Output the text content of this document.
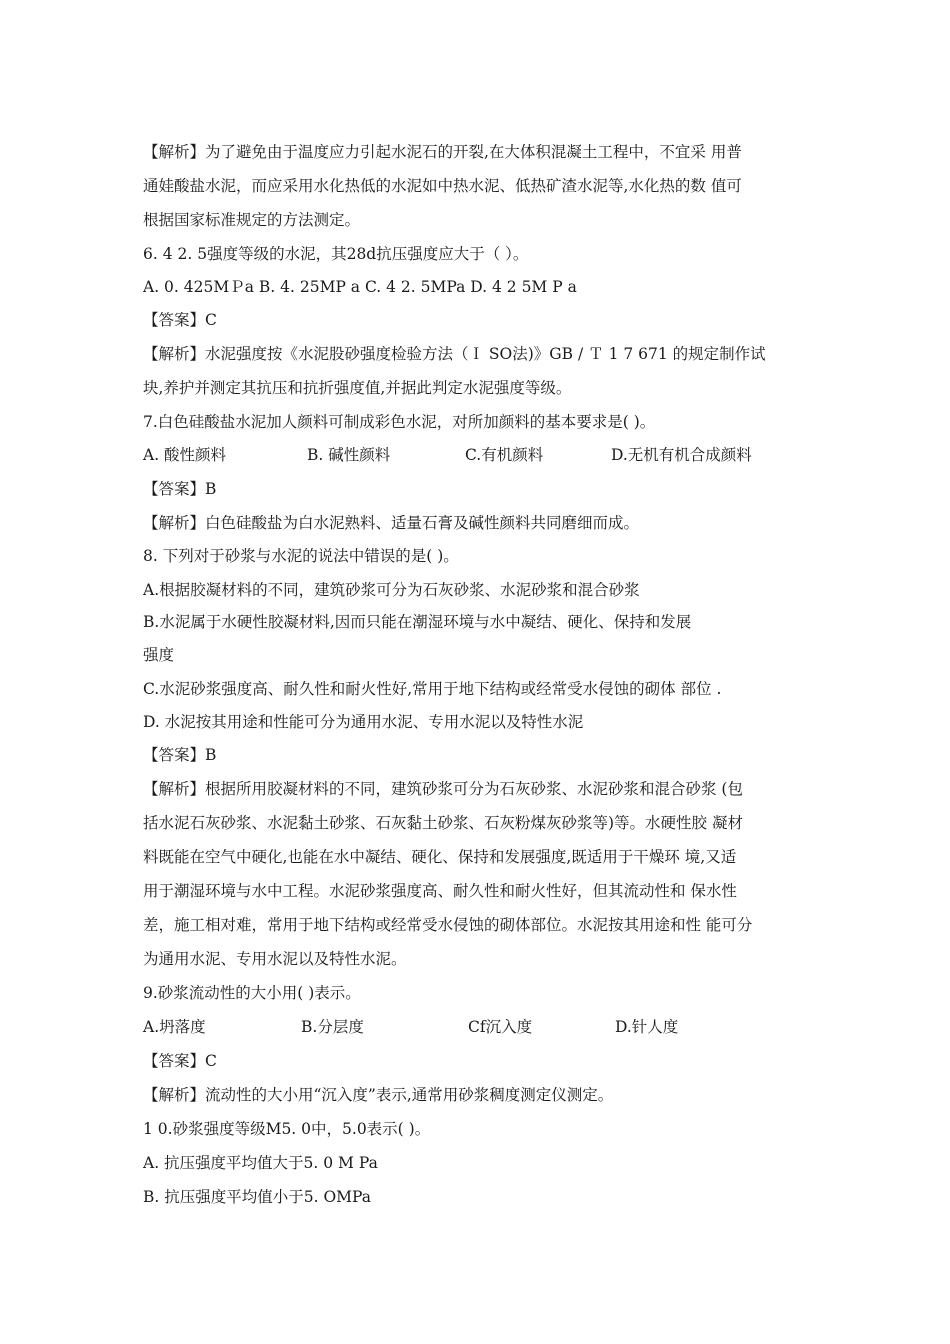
【解析】为了避免由于温度应力引起水泥石的开裂,在大体积混凝土工程中，不宜采 用普
通娃酸盐水泥，而应采用水化热低的水泥如中热水泥、低热矿渣水泥等,水化热的数 值可
根据国家标准规定的方法测定。
6. 4 2. 5强度等级的水泥，其28d抗压强度应大于（ ）。
A. 0. 425MＰa B. 4. 25MP a C. 4 2. 5MPa D. 4 2 5M P a
【答案】C
【解析】水泥强度按《水泥股砂强度检验方法（Ｉ SO法)》GB / Ｔ 1 7 671 的规定制作试
块,养护并测定其抗压和抗折强度值,并据此判定水泥强度等级。
7.白色硅酸盐水泥加人颜料可制成彩色水泥，对所加颜料的基本要求是( )。
A. 酸性颜料	B. 碱性颜料	C.有机颜料	D.无机有机合成颜料
【答案】B
【解析】白色硅酸盐为白水泥熟料、适量石膏及碱性颜料共同磨细而成。
8. 下列对于砂浆与水泥的说法中错误的是( )。
A.根据胶凝材料的不同，建筑砂浆可分为石灰砂浆、水泥砂浆和混合砂浆
B.水泥属于水硬性胶凝材料,因而只能在潮湿环境与水中凝结、硬化、保持和发展
强度
C.水泥砂浆强度高、耐久性和耐火性好,常用于地下结构或经常受水侵蚀的砌体 部位 .
D. 水泥按其用途和性能可分为通用水泥、专用水泥以及特性水泥
【答案】B
【解析】根据所用胶凝材料的不同，建筑砂浆可分为石灰砂浆、水泥砂浆和混合砂浆 (包
括水泥石灰砂浆、水泥黏土砂浆、石灰黏土砂浆、石灰粉煤灰砂浆等)等。水硬性胶 凝材
料既能在空气中硬化,也能在水中凝结、硬化、保持和发展强度,既适用于干燥环 境,又适
用于潮湿环境与水中工程。水泥砂浆强度高、耐久性和耐火性好，但其流动性和 保水性
差，施工相对难，常用于地下结构或经常受水侵蚀的砌体部位。水泥按其用途和性 能可分
为通用水泥、专用水泥以及特性水泥。
9.砂浆流动性的大小用( )表示。
A.坍落度	B.分层度	Cf沉入度	D.针人度
【答案】C
【解析】流动性的大小用“沉入度”表示,通常用砂浆稠度测定仪测定。
1 0.砂浆强度等级M5. 0中，5.0表示( )。
A. 抗压强度平均值大于5. 0 M Pa
B. 抗压强度平均值小于5. OMPa
